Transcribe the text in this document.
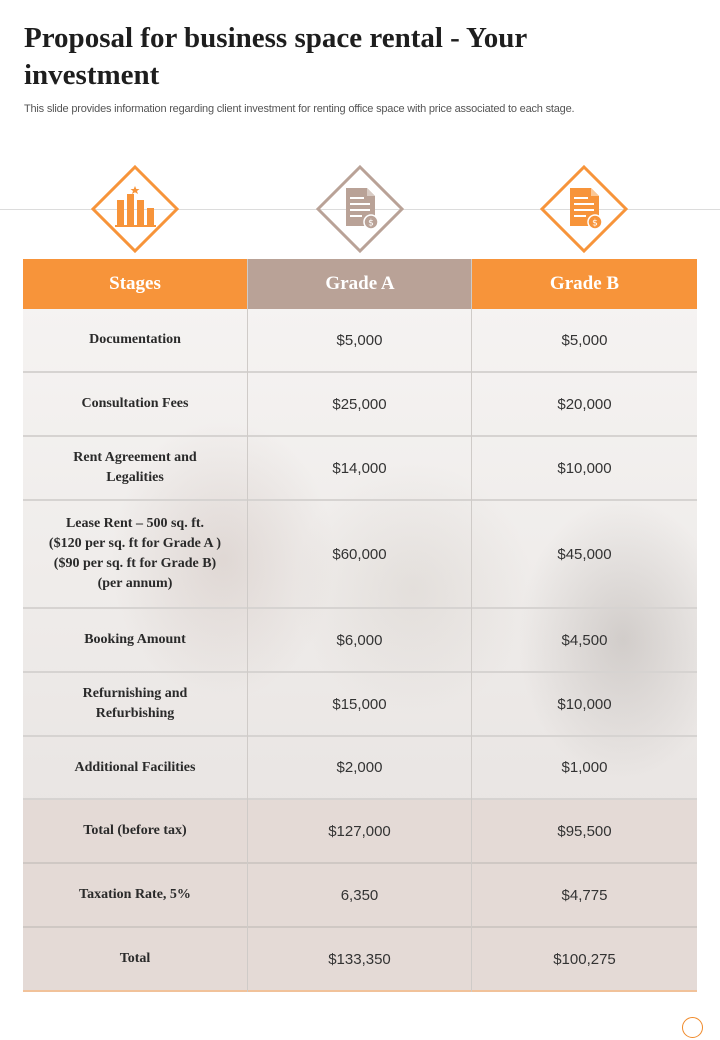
Proposal for business space rental - Your investment
This slide provides information regarding client investment for renting office space with price associated to each stage.
$	$
Stages	Grade A	Grade B
Documentation	$5,000	$5,000
Consultation Fees	$25,000	$20,000
Rent Agreement and
Legalities
$14,000	$10,000
Lease Rent – 500 sq. ft.
($120 per sq. ft for Grade A )
($90 per sq. ft for Grade B)
(per annum)
$60,000	$45,000
Booking Amount	$6,000	$4,500
Refurnishing and
Refurbishing
$15,000	$10,000
Additional Facilities	$2,000	$1,000
Total (before tax)	$127,000	$95,500
Taxation Rate, 5%	6,350	$4,775
Total	$133,350	$100,275
